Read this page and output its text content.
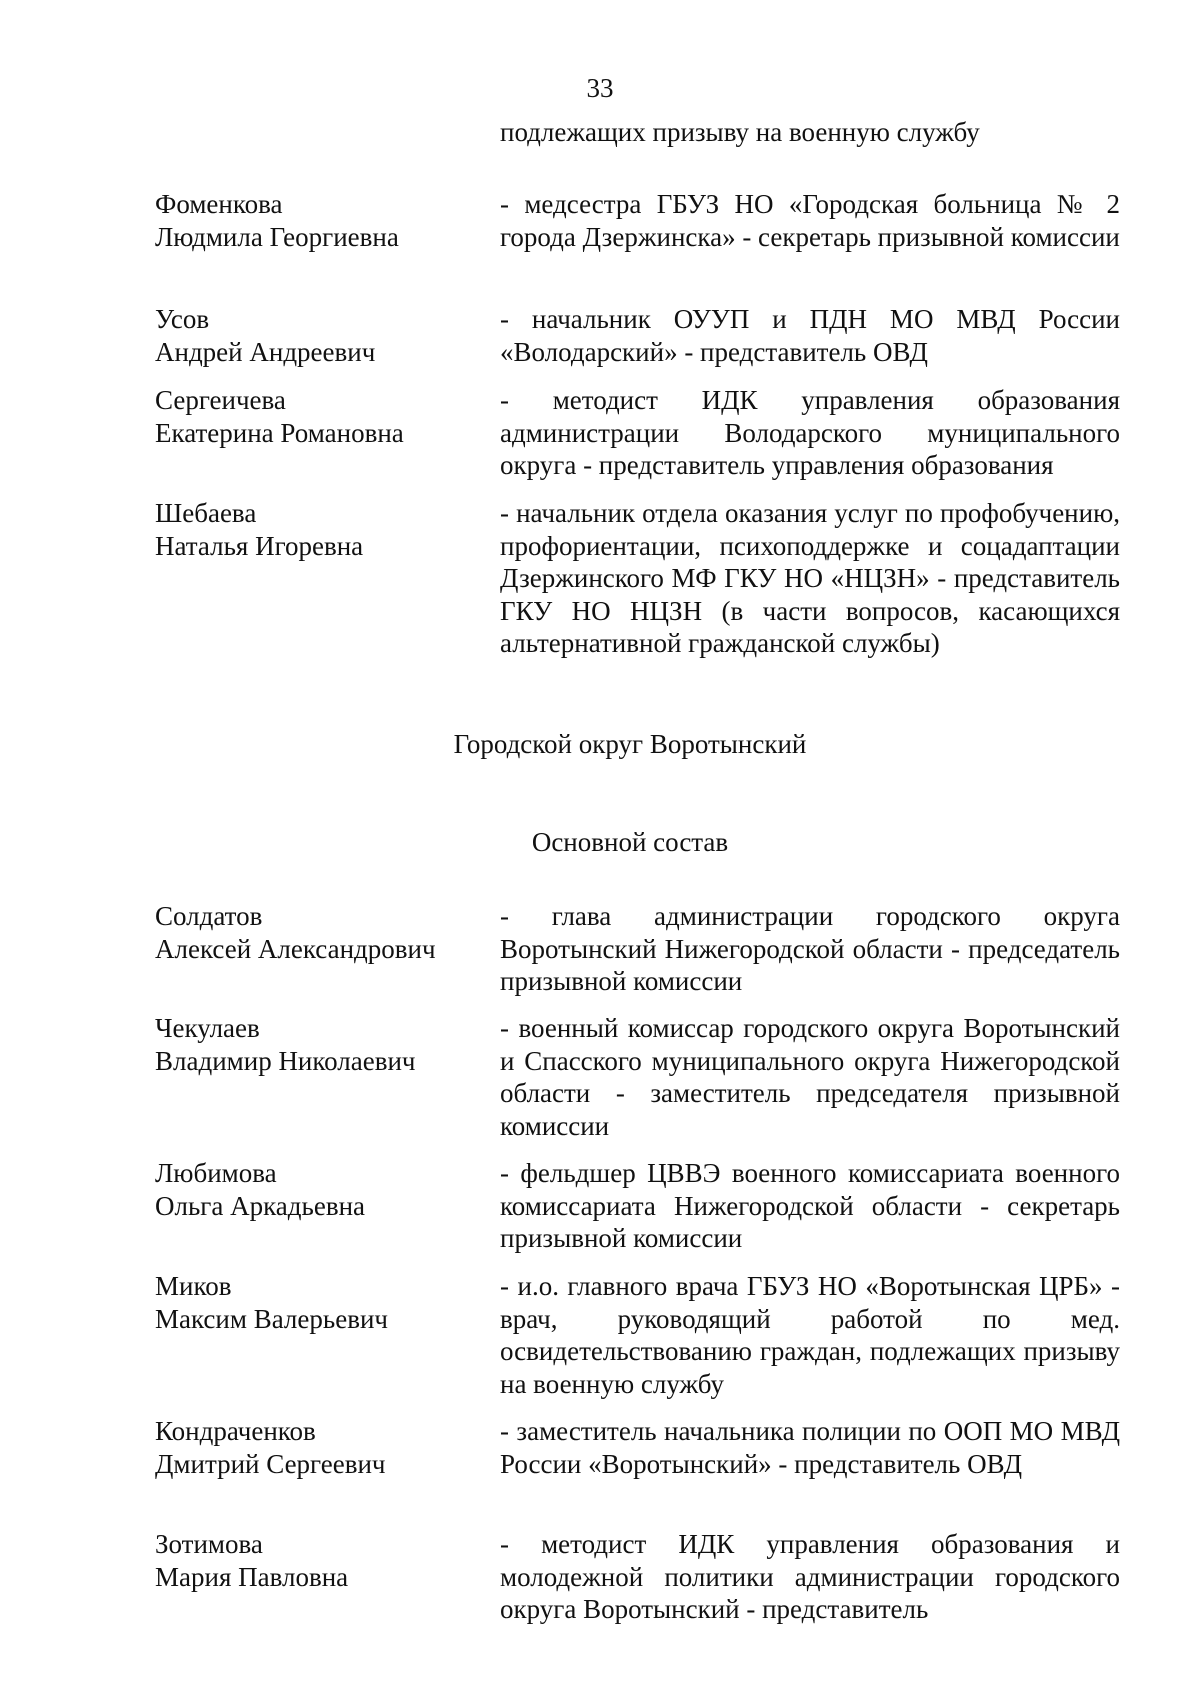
33
подлежащих призыву на военную службу
Фоменкова
Людмила Георгиевна
- медсестра ГБУЗ НО «Городская больница № 2 города Дзержинска» - секретарь призывной комиссии
Усов
Андрей Андреевич
- начальник ОУУП и ПДН МО МВД России «Володарский» - представитель ОВД
Сергеичева
Екатерина Романовна
- методист ИДК управления образования администрации Володарского муниципального округа - представитель управления образования
Шебаева
Наталья Игоревна
- начальник отдела оказания услуг по профобучению, профориентации, психоподдержке и соцадаптации Дзержинского МФ ГКУ НО «НЦЗН» - представитель ГКУ НО НЦЗН (в части вопросов, касающихся альтернативной гражданской службы)
Городской округ Воротынский
Основной состав
Солдатов
Алексей Александрович
- глава администрации городского округа Воротынский Нижегородской области - председатель призывной комиссии
Чекулаев
Владимир Николаевич
- военный комиссар городского округа Воротынский и Спасского муниципального округа Нижегородской области - заместитель председателя призывной комиссии
Любимова
Ольга Аркадьевна
- фельдшер ЦВВЭ военного комиссариата военного комиссариата Нижегородской области - секретарь призывной комиссии
Миков
Максим Валерьевич
- и.о. главного врача ГБУЗ НО «Воротынская ЦРБ» - врач, руководящий работой по мед. освидетельствованию граждан, подлежащих призыву на военную службу
Кондраченков
Дмитрий Сергеевич
- заместитель начальника полиции по ООП МО МВД России «Воротынский» - представитель ОВД
Зотимова
Мария Павловна
- методист ИДК управления образования и молодежной политики администрации городского округа Воротынский - представитель
